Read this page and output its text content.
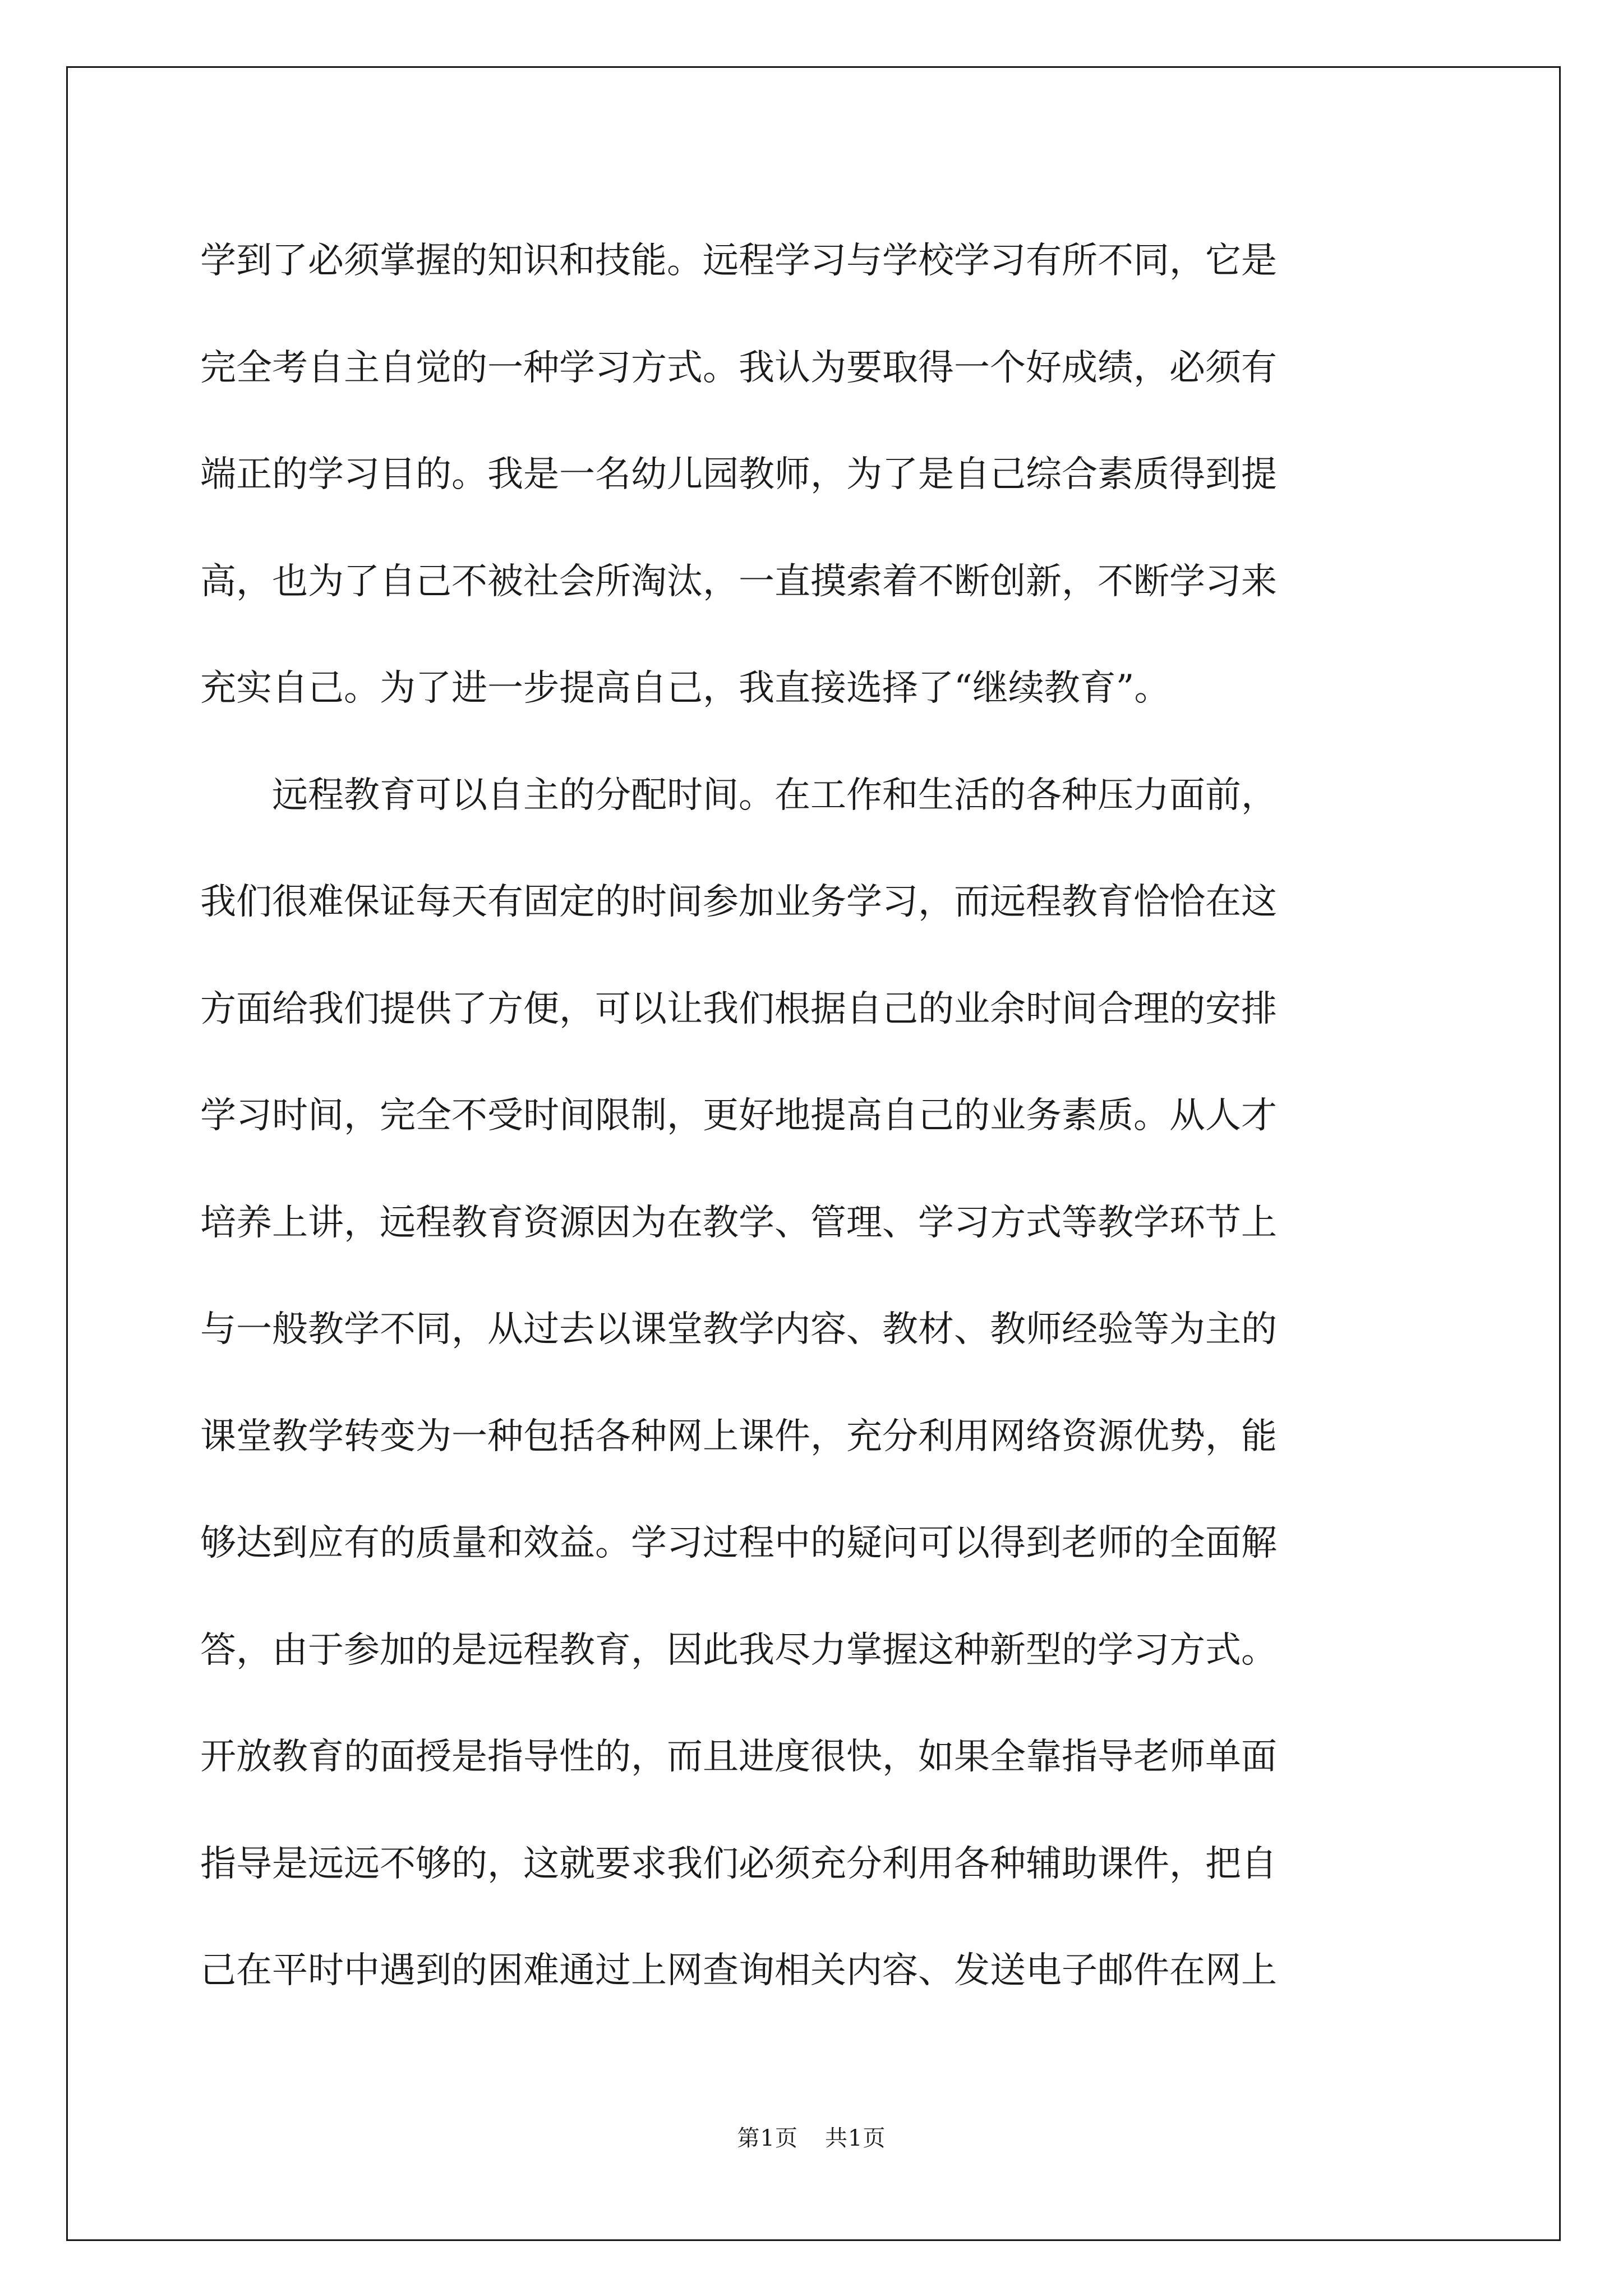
学到了必须掌握的知识和技能。远程学习与学校学习有所不同，它是
完全考自主自觉的一种学习方式。我认为要取得一个好成绩，必须有
端正的学习目的。我是一名幼儿园教师，为了是自己综合素质得到提
高，也为了自己不被社会所淘汰，一直摸索着不断创新，不断学习来
充实自己。为了进一步提高自己，我直接选择了“继续教育”。
　　远程教育可以自主的分配时间。在工作和生活的各种压力面前，
我们很难保证每天有固定的时间参加业务学习，而远程教育恰恰在这
方面给我们提供了方便，可以让我们根据自己的业余时间合理的安排
学习时间，完全不受时间限制，更好地提高自己的业务素质。从人才
培养上讲，远程教育资源因为在教学、管理、学习方式等教学环节上
与一般教学不同，从过去以课堂教学内容、教材、教师经验等为主的
课堂教学转变为一种包括各种网上课件，充分利用网络资源优势，能
够达到应有的质量和效益。学习过程中的疑问可以得到老师的全面解
答，由于参加的是远程教育，因此我尽力掌握这种新型的学习方式。
开放教育的面授是指导性的，而且进度很快，如果全靠指导老师单面
指导是远远不够的，这就要求我们必须充分利用各种辅助课件，把自
己在平时中遇到的困难通过上网查询相关内容、发送电子邮件在网上
第1页 共1页
